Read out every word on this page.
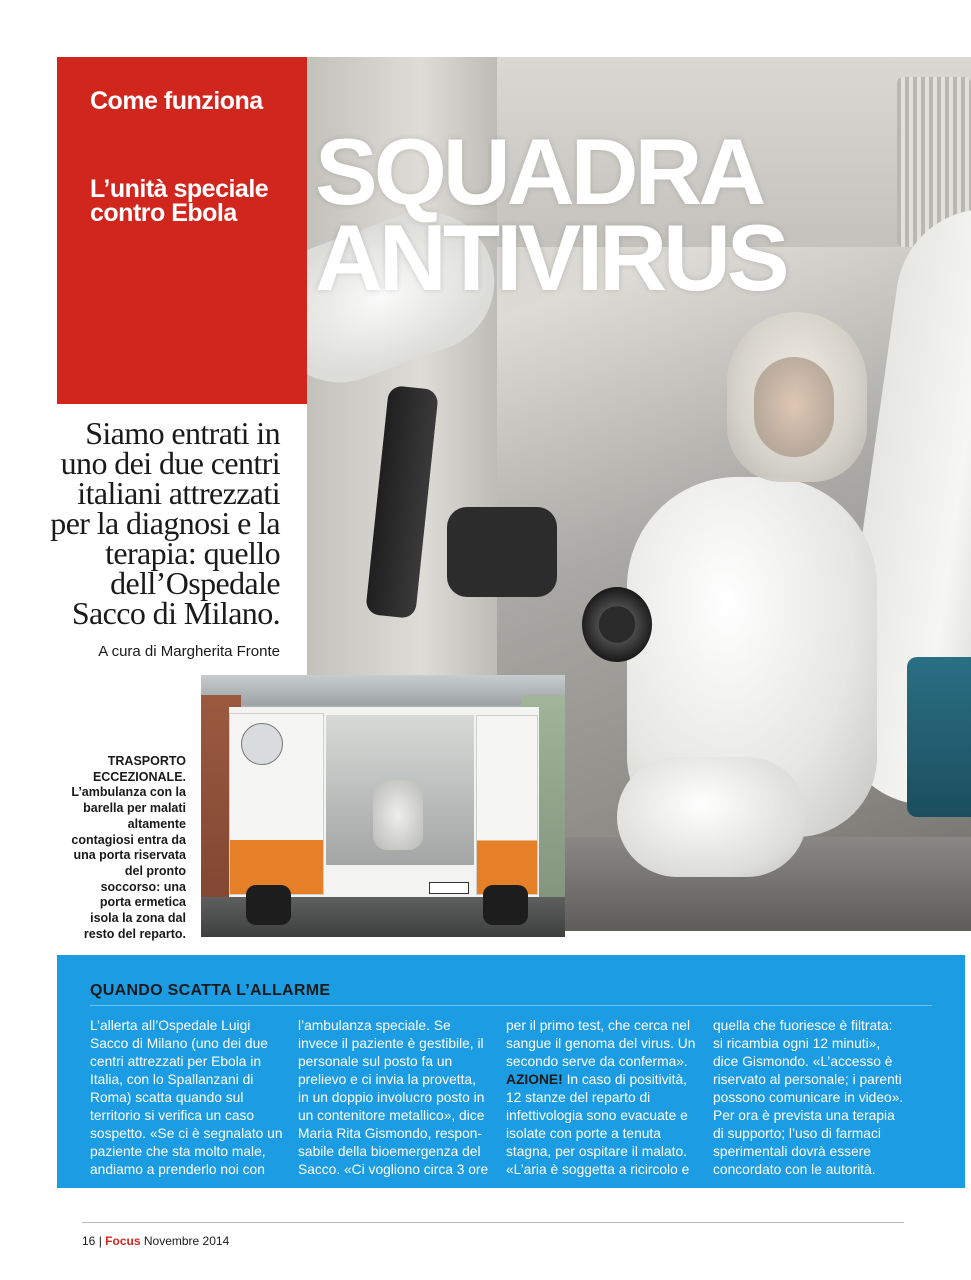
SQUADRA
ANTIVIRUS
Come funziona
L’unità speciale contro Ebola
Siamo entrati in uno dei due centri italiani attrezzati per la diagnosi e la terapia: quello dell’Ospedale Sacco di Milano.
A cura di Margherita Fronte
TRASPORTO ECCEZIONALE.
L’ambulanza con la barella per malati altamente contagiosi entra da una porta riservata del pronto soccorso: una porta ermetica isola la zona dal resto del reparto.
QUANDO SCATTA L’ALLARME
L’allerta all’Ospedale Luigi
Sacco di Milano (uno dei due
centri attrezzati per Ebola in
Italia, con lo Spallanzani di
Roma) scatta quando sul
territorio si verifica un caso
sospetto. «Se ci è segnalato un
paziente che sta molto male,
andiamo a prenderlo noi con
l’ambulanza speciale. Se
invece il paziente è gestibile, il
personale sul posto fa un
prelievo e ci invia la provetta,
in un doppio involucro posto in
un contenitore metallico», dice
Maria Rita Gismondo, respon-
sabile della bioemergenza del
Sacco. «Ci vogliono circa 3 ore
per il primo test, che cerca nel
sangue il genoma del virus. Un
secondo serve da conferma».
AZIONE! In caso di positività,
12 stanze del reparto di
infettivologia sono evacuate e
isolate con porte a tenuta
stagna, per ospitare il malato.
«L’aria è soggetta a ricircolo e
quella che fuoriesce è filtrata:
si ricambia ogni 12 minuti»,
dice Gismondo. «L’accesso è
riservato al personale; i parenti
possono comunicare in video».
Per ora è prevista una terapia
di supporto; l’uso di farmaci
sperimentali dovrà essere
concordato con le autorità.
16 | Focus Novembre 2014
